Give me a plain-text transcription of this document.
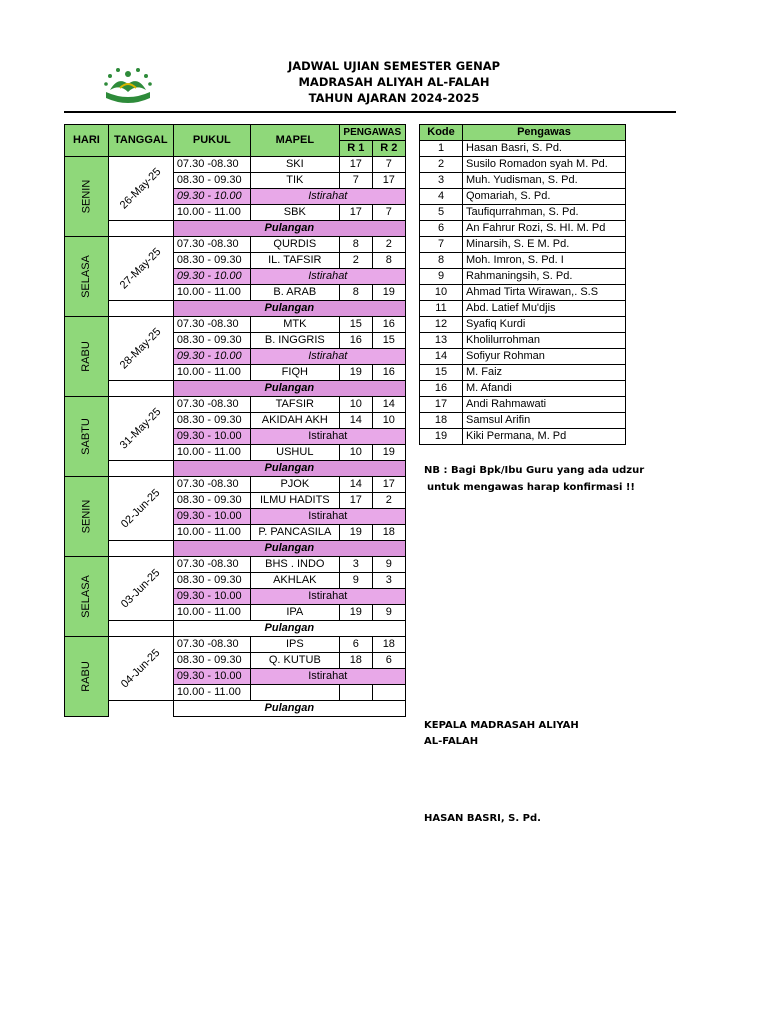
JADWAL UJIAN SEMESTER GENAP
MADRASAH ALIYAH AL-FALAH
TAHUN AJARAN 2024-2025
HARI	TANGGAL	PUKUL	MAPEL	PENGAWAS	
				R 1	R 2
SENIN	26-May-25	07.30 -08.30	SKI	17	7
		08.30 - 09.30	TIK	7	17
		09.30 - 10.00	Istirahat		
		10.00 - 11.00	SBK	17	7
		Pulangan			
SELASA	27-May-25	07.30 -08.30	QURDIS	8	2
		08.30 - 09.30	IL. TAFSIR	2	8
		09.30 - 10.00	Istirahat		
		10.00 - 11.00	B. ARAB	8	19
		Pulangan			
RABU	28-May-25	07.30 -08.30	MTK	15	16
		08.30 - 09.30	B. INGGRIS	16	15
		09.30 - 10.00	Istirahat		
		10.00 - 11.00	FIQH	19	16
		Pulangan			
SABTU	31-May-25	07.30 -08.30	TAFSIR	10	14
		08.30 - 09.30	AKIDAH AKH	14	10
		09.30 - 10.00	Istirahat		
		10.00 - 11.00	USHUL	10	19
		Pulangan			
SENIN	02-Jun-25	07.30 -08.30	PJOK	14	17
		08.30 - 09.30	ILMU HADITS	17	2
		09.30 - 10.00	Istirahat		
		10.00 - 11.00	P. PANCASILA	19	18
		Pulangan			
SELASA	03-Jun-25	07.30 -08.30	BHS . INDO	3	9
		08.30 - 09.30	AKHLAK	9	3
		09.30 - 10.00	Istirahat		
		10.00 - 11.00	IPA	19	9
		Pulangan			
RABU	04-Jun-25	07.30 -08.30	IPS	6	18
		08.30 - 09.30	Q. KUTUB	18	6
		09.30 - 10.00	Istirahat		
		10.00 - 11.00			
		Pulangan			
Kode	Pengawas
1	Hasan Basri, S. Pd.
2	Susilo Romadon syah M. Pd.
3	Muh. Yudisman, S. Pd.
4	Qomariah, S. Pd.
5	Taufiqurrahman, S. Pd.
6	An Fahrur Rozi, S. HI. M. Pd
7	Minarsih, S. E M. Pd.
8	Moh. Imron, S. Pd. I
9	Rahmaningsih, S. Pd.
10	Ahmad Tirta Wirawan,. S.S
11	Abd. Latief Mu'djis
12	Syafiq Kurdi
13	Kholilurrohman
14	Sofiyur Rohman
15	M. Faiz
16	M. Afandi
17	Andi Rahmawati
18	Samsul Arifin
19	Kiki Permana, M. Pd
NB : Bagi Bpk/Ibu Guru yang ada udzur
untuk mengawas harap konfirmasi !!
KEPALA MADRASAH ALIYAH
AL-FALAH
HASAN BASRI, S. Pd.
